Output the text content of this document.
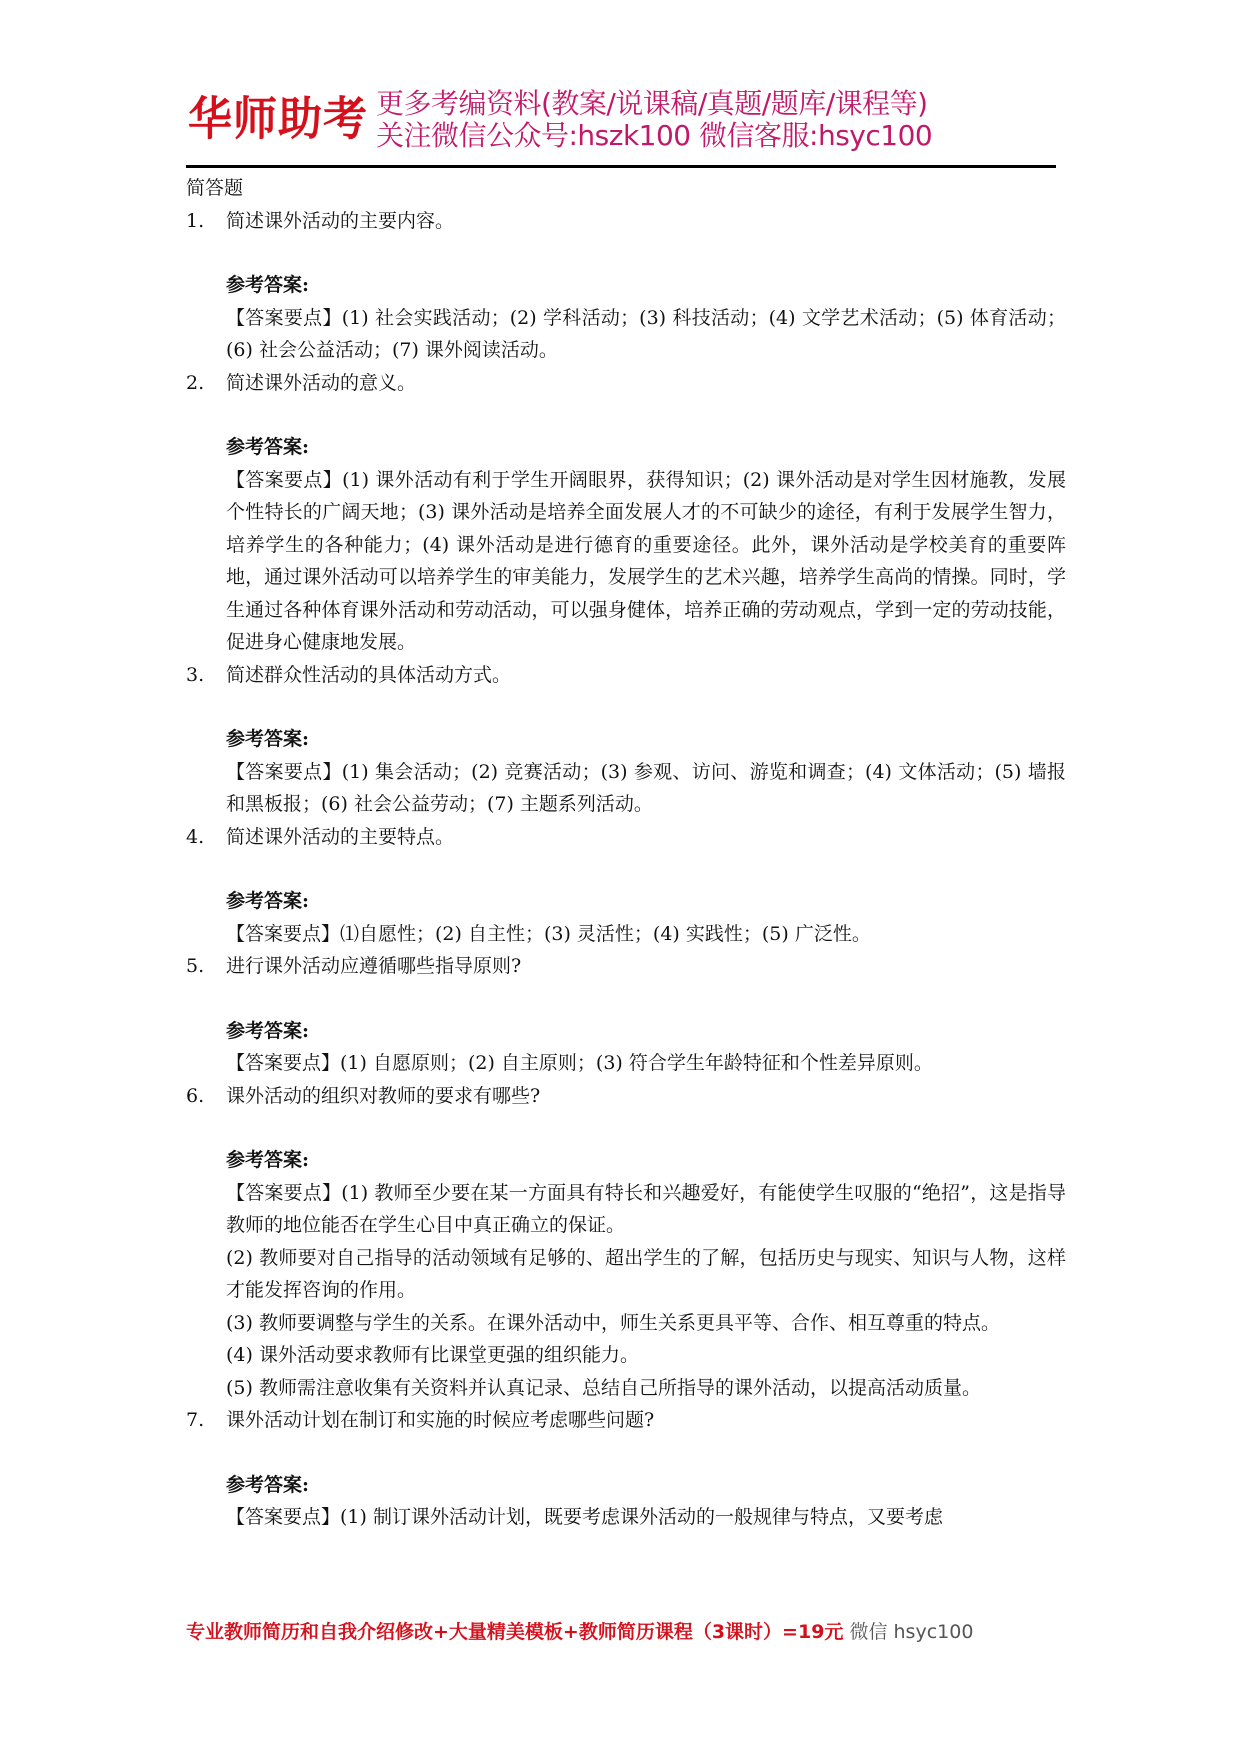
华师助考 更多考编资料(教案/说课稿/真题/题库/课程等)
关注微信公众号:hszk100 微信客服:hsyc100
简答题
1.	简述课外活动的主要内容。
参考答案:
【答案要点】(1) 社会实践活动；(2) 学科活动；(3) 科技活动；(4) 文学艺术活动；(5) 体育活动；(6) 社会公益活动；(7) 课外阅读活动。
2.	简述课外活动的意义。
参考答案:
【答案要点】(1) 课外活动有利于学生开阔眼界，获得知识；(2) 课外活动是对学生因材施教，发展个性特长的广阔天地；(3) 课外活动是培养全面发展人才的不可缺少的途径，有利于发展学生智力，培养学生的各种能力；(4) 课外活动是进行德育的重要途径。此外，课外活动是学校美育的重要阵地，通过课外活动可以培养学生的审美能力，发展学生的艺术兴趣，培养学生高尚的情操。同时，学生通过各种体育课外活动和劳动活动，可以强身健体，培养正确的劳动观点，学到一定的劳动技能，促进身心健康地发展。
3.	简述群众性活动的具体活动方式。
参考答案:
【答案要点】(1) 集会活动；(2) 竞赛活动；(3) 参观、访问、游览和调查；(4) 文体活动；(5) 墙报和黑板报；(6) 社会公益劳动；(7) 主题系列活动。
4.	简述课外活动的主要特点。
参考答案:
【答案要点】⑴自愿性；(2) 自主性；(3) 灵活性；(4) 实践性；(5) 广泛性。
5.	进行课外活动应遵循哪些指导原则?
参考答案:
【答案要点】(1) 自愿原则；(2) 自主原则；(3) 符合学生年龄特征和个性差异原则。
6.	课外活动的组织对教师的要求有哪些?
参考答案:
【答案要点】(1) 教师至少要在某一方面具有特长和兴趣爱好，有能使学生叹服的“绝招”，这是指导教师的地位能否在学生心目中真正确立的保证。
(2) 教师要对自己指导的活动领域有足够的、超出学生的了解，包括历史与现实、知识与人物，这样才能发挥咨询的作用。
(3) 教师要调整与学生的关系。在课外活动中，师生关系更具平等、合作、相互尊重的特点。
(4) 课外活动要求教师有比课堂更强的组织能力。
(5) 教师需注意收集有关资料并认真记录、总结自己所指导的课外活动，以提高活动质量。
7.	课外活动计划在制订和实施的时候应考虑哪些问题?
参考答案:
【答案要点】(1) 制订课外活动计划，既要考虑课外活动的一般规律与特点，又要考虑
专业教师简历和自我介绍修改+大量精美模板+教师简历课程（3课时）=19元 微信 hsyc100
